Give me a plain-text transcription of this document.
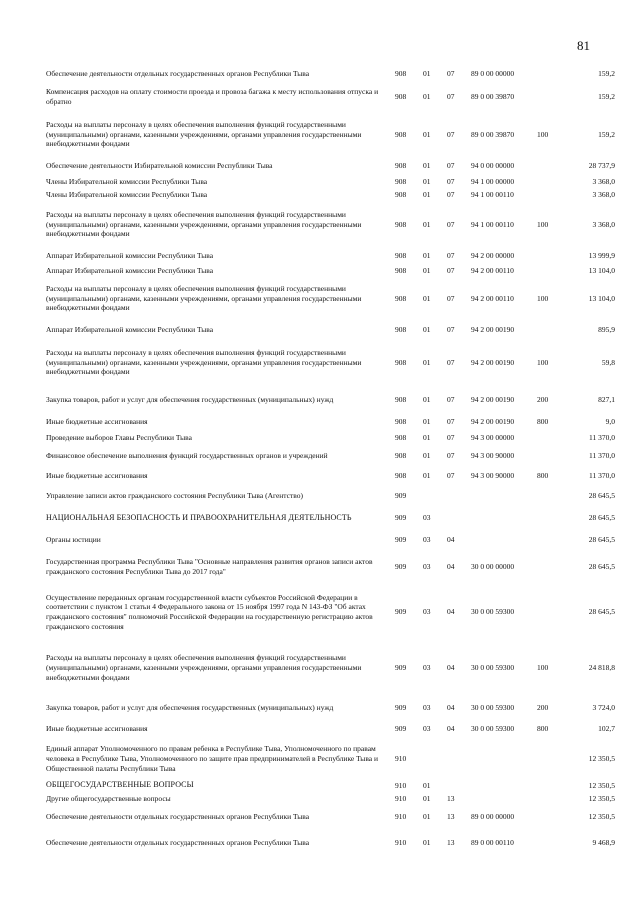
81
Обеспечение деятельности отдельных государственных органов Республики Тыва	908	01	07	89 0 00 00000		159,2
Компенсация расходов на оплату стоимости проезда и провоза багажа к месту использования отпуска и обратно	908	01	07	89 0 00 39870		159,2
Расходы на выплаты персоналу в целях обеспечения выполнения функций государственными (муниципальными) органами, казенными учреждениями, органами управления государственными внебюджетными фондами	908	01	07	89 0 00 39870	100	159,2
Обеспечение деятельности Избирательной комиссии Республики Тыва	908	01	07	94 0 00 00000		28 737,9
Члены Избирательной комиссии Республики Тыва	908	01	07	94 1 00 00000		3 368,0
Члены Избирательной комиссии Республики Тыва	908	01	07	94 1 00 00110		3 368,0
Расходы на выплаты персоналу в целях обеспечения выполнения функций государственными (муниципальными) органами, казенными учреждениями, органами управления государственными внебюджетными фондами	908	01	07	94 1 00 00110	100	3 368,0
Аппарат Избирательной комиссии Республики Тыва	908	01	07	94 2 00 00000		13 999,9
Аппарат Избирательной комиссии Республики Тыва	908	01	07	94 2 00 00110		13 104,0
Расходы на выплаты персоналу в целях обеспечения выполнения функций государственными (муниципальными) органами, казенными учреждениями, органами управления государственными внебюджетными фондами	908	01	07	94 2 00 00110	100	13 104,0
Аппарат Избирательной комиссии Республики Тыва	908	01	07	94 2 00 00190		895,9
Расходы на выплаты персоналу в целях обеспечения выполнения функций государственными (муниципальными) органами, казенными учреждениями, органами управления государственными внебюджетными фондами	908	01	07	94 2 00 00190	100	59,8
Закупка товаров, работ и услуг для обеспечения государственных (муниципальных) нужд	908	01	07	94 2 00 00190	200	827,1
Иные бюджетные ассигнования	908	01	07	94 2 00 00190	800	9,0
Проведение выборов Главы Республики Тыва	908	01	07	94 3 00 00000		11 370,0
Финансовое обеспечение выполнения функций государственных органов и учреждений	908	01	07	94 3 00 90000		11 370,0
Иные бюджетные ассигнования	908	01	07	94 3 00 90000	800	11 370,0
Управление записи актов гражданского состояния Республики Тыва (Агентство)	909					28 645,5
НАЦИОНАЛЬНАЯ БЕЗОПАСНОСТЬ И ПРАВООХРАНИТЕЛЬНАЯ ДЕЯТЕЛЬНОСТЬ	909	03				28 645,5
Органы юстиции	909	03	04			28 645,5
Государственная программа Республики Тыва "Основные направления развития органов записи актов гражданского состояния Республики Тыва до 2017 года"	909	03	04	30 0 00 00000		28 645,5
Осуществление переданных органам государственной власти субъектов Российской Федерации в соответствии с пунктом 1 статьи 4 Федерального закона от 15 ноября 1997 года N 143-ФЗ "Об актах гражданского состояния" полномочий Российской Федерации на государственную регистрацию актов гражданского состояния	909	03	04	30 0 00 59300		28 645,5
Расходы на выплаты персоналу в целях обеспечения выполнения функций государственными (муниципальными) органами, казенными учреждениями, органами управления государственными внебюджетными фондами	909	03	04	30 0 00 59300	100	24 818,8
Закупка товаров, работ и услуг для обеспечения государственных (муниципальных) нужд	909	03	04	30 0 00 59300	200	3 724,0
Иные бюджетные ассигнования	909	03	04	30 0 00 59300	800	102,7
Единый аппарат Уполномоченного по правам ребенка в Республике Тыва, Уполномоченного по правам человека в Республике Тыва, Уполномоченного по защите прав предпринимателей в Республике Тыва и Общественной палаты Республики Тыва	910					12 350,5
ОБЩЕГОСУДАРСТВЕННЫЕ ВОПРОСЫ	910	01				12 350,5
Другие общегосударственные вопросы	910	01	13			12 350,5
Обеспечение деятельности отдельных государственных органов Республики Тыва	910	01	13	89 0 00 00000		12 350,5
Обеспечение деятельности отдельных государственных органов Республики Тыва	910	01	13	89 0 00 00110		9 468,9
